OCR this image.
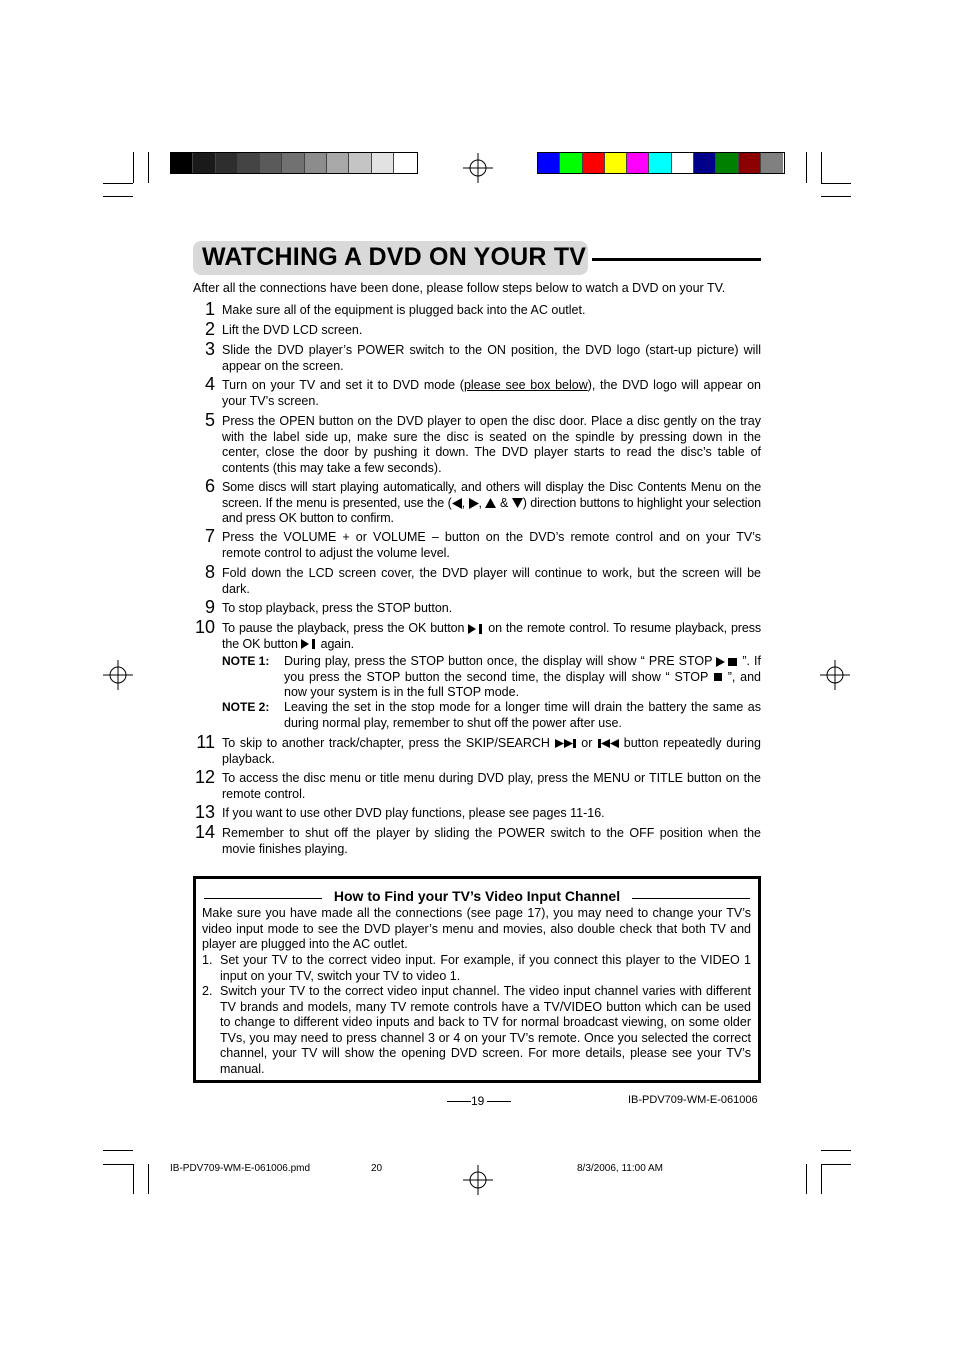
WATCHING A DVD ON YOUR TV
After all the connections have been done, please follow steps below to watch a DVD on your TV.
1 Make sure all of the equipment is plugged back into the AC outlet.
2 Lift the DVD LCD screen.
3 Slide the DVD player’s POWER switch to the ON position, the DVD logo (start-up picture) will appear on the screen.
4 Turn on your TV and set it to DVD mode (please see box below), the DVD logo will appear on your TV’s screen.
5 Press the OPEN button on the DVD player to open the disc door. Place a disc gently on the tray with the label side up, make sure the disc is seated on the spindle by pressing down in the center, close the door by pushing it down. The DVD player starts to read the disc’s table of contents (this may take a few seconds).
6 Some discs will start playing automatically, and others will display the Disc Contents Menu on the screen. If the menu is presented, use the ( , ,  & ) direction buttons to highlight your selection and press OK button to confirm.
7 Press the VOLUME + or VOLUME – button on the DVD’s remote control and on your TV’s remote control to adjust the volume level.
8 Fold down the LCD screen cover, the DVD player will continue to work, but the screen will be dark.
9 To stop playback, press the STOP button.
10 To pause the playback, press the OK button on the remote control. To resume playback, press the OK button again.
NOTE 1: During play, press the STOP button once, the display will show “ PRE STOP ”. If you press the STOP button the second time, the display will show “ STOP ”, and now your system is in the full STOP mode.
NOTE 2: Leaving the set in the stop mode for a longer time will drain the battery the same as during normal play, remember to shut off the power after use.
11 To skip to another track/chapter, press the SKIP/SEARCH	or	button repeatedly during playback.
12 To access the disc menu or title menu during DVD play, press the MENU or TITLE button on the remote control.
13 If you want to use other DVD play functions, please see pages 11-16.
14 Remember to shut off the player by sliding the POWER switch to the OFF position when the movie finishes playing.
How to Find your TV’s Video Input Channel
Make sure you have made all the connections (see page 17), you may need to change your TV’s video input mode to see the DVD player’s menu and movies, also double check that both TV and player are plugged into the AC outlet.
1. Set your TV to the correct video input. For example, if you connect this player to the VIDEO 1 input on your TV, switch your TV to video 1.
2. Switch your TV to the correct video input channel. The video input channel varies with different TV brands and models, many TV remote controls have a TV/VIDEO button which can be used to change to different video inputs and back to TV for normal broadcast viewing, on some older TVs, you may need to press channel 3 or 4 on your TV’s remote. Once you selected the correct channel, your TV will show the opening DVD screen. For more details, please see your TV’s manual.
19	IB-PDV709-WM-E-061006
IB-PDV709-WM-E-061006.pmd	20	8/3/2006, 11:00 AM
